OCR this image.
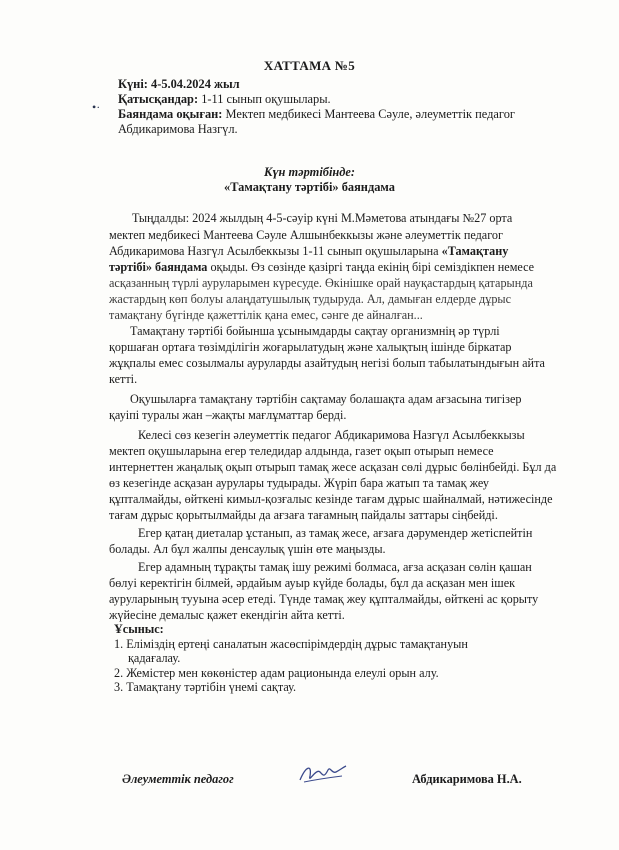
ХАТТАМА №5
•·
Күні: 4-5.04.2024 жыл
Қатысқандар: 1-11 сынып оқушылары.
Баяндама оқыған: Мектеп медбикесі Мантеева Сәуле, әлеуметтік педагог
Абдикаримова Назгүл.
Күн тәртібінде:
«Тамақтану тәртібі» баяндама
Тыңдалды: 2024 жылдың 4-5-сәуір күні М.Мәметова атындағы №27 орта
мектеп медбикесі Мантеева Сәуле Алшынбеккызы және әлеуметтік педагог
Абдикаримова Назгүл Асылбеккызы 1-11 сынып оқушыларына «Тамақтану
тәртібі» баяндама оқыды. Өз сөзінде қазіргі таңда екінің бірі семіздікпен немесе
асқазанның түрлі ауруларымен күресуде. Өкінішке орай науқастардың қатарында
жастардың көп болуы алаңдатушылық тудыруда. Ал, дамыған елдерде дұрыс
тамақтану бүгінде қажеттілік қана емес, сәнге де айналған...
Тамақтану тәртібі бойынша ұсынымдарды сақтау организмнің әр түрлі
қоршаған ортаға төзімділігін жоғарылатудың және халықтың ішінде біркатар
жұқпалы емес созылмалы ауруларды азайтудың негізі болып табылатындығын айта
кетті.
Оқушыларға тамақтану тәртібін сақтамау болашақта адам ағзасына тигізер
қауіпі туралы жан –жақты мағлұматтар берді.
Келесі сөз кезегін әлеуметтік педагог Абдикаримова Назгүл Асылбеккызы
мектеп оқушыларына егер теледидар алдында, газет оқып отырып немесе
интернеттен жаңалық оқып отырып тамақ жесе асқазан сөлі дұрыс бөлінбейді. Бұл да
өз кезегінде асқазан аурулары тудырады. Жүріп бара жатып та тамақ жеу
құпталмайды, өйткені кимыл-қозғалыс кезінде тағам дұрыс шайналмай, нәтижесінде
тағам дұрыс қорытылмайды да ағзаға тағамның пайдалы заттары сіңбейді.
Егер қатаң диеталар ұстанып, аз тамақ жесе, ағзаға дәрумендер жетіспейтін
болады. Ал бұл жалпы денсаулық үшін өте маңызды.
Егер адамның тұрақты тамақ ішу режимі болмаса, ағза асқазан сөлін қашан
бөлуі керектігін білмей, әрдайым ауыр күйде болады, бұл да асқазан мен ішек
ауруларының тууына әсер етеді. Түнде тамақ жеу құпталмайды, өйткені ас қорыту
жүйесіне демалыс қажет екендігін айта кетті.
Ұсыныс:
1. Еліміздің ертеңі саналатын жасөспірімдердің дұрыс тамақтануын
қадағалау.
2. Жемістер мен көкөністер адам рационында елеулі орын алу.
3. Тамақтану тәртібін үнемі сақтау.
Әлеуметтік педагог	Абдикаримова Н.А.
